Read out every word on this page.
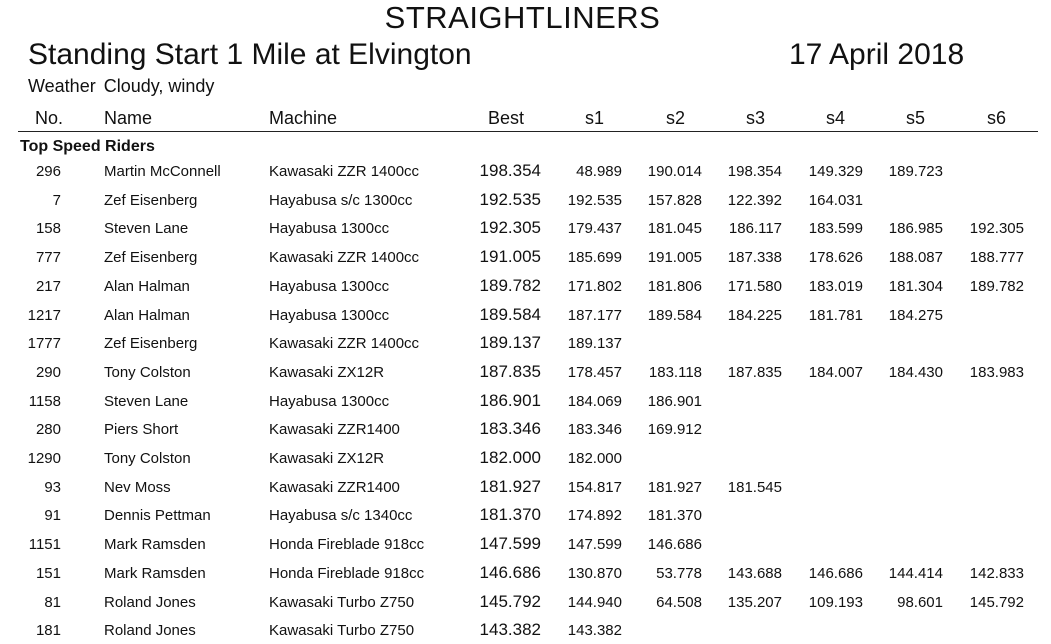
STRAIGHTLINERS
Standing Start 1 Mile at Elvington	17 April 2018
Weather Cloudy, windy
No. Name	Machine	Best	s1	s2	s3	s4	s5	s6
Top Speed Riders
296	Martin McConnell	Kawasaki ZZR 1400cc	198.354 48.989 190.014 198.354 149.329 189.723
7	Zef Eisenberg	Hayabusa s/c 1300cc	192.535 192.535 157.828 122.392 164.031
158	Steven Lane	Hayabusa 1300cc	192.305 179.437 181.045 186.117 183.599 186.985 192.305
777	Zef Eisenberg	Kawasaki ZZR 1400cc	191.005 185.699 191.005 187.338 178.626 188.087 188.777
217	Alan Halman	Hayabusa 1300cc	189.782 171.802 181.806 171.580 183.019 181.304 189.782
1217	Alan Halman	Hayabusa 1300cc	189.584 187.177 189.584 184.225 181.781 184.275
1777	Zef Eisenberg	Kawasaki ZZR 1400cc	189.137 189.137
290	Tony Colston	Kawasaki ZX12R	187.835 178.457 183.118 187.835 184.007 184.430 183.983
1158	Steven Lane	Hayabusa 1300cc	186.901 184.069 186.901
280	Piers Short	Kawasaki ZZR1400	183.346 183.346 169.912
1290	Tony Colston	Kawasaki ZX12R	182.000 182.000
93	Nev Moss	Kawasaki ZZR1400	181.927 154.817 181.927 181.545
91	Dennis Pettman	Hayabusa s/c 1340cc	181.370 174.892 181.370
1151	Mark Ramsden	Honda Fireblade 918cc	147.599 147.599 146.686
151	Mark Ramsden	Honda Fireblade 918cc	146.686 130.870 53.778 143.688 146.686 144.414 142.833
81	Roland Jones	Kawasaki Turbo Z750	145.792 144.940 64.508 135.207 109.193 98.601 145.792
181	Roland Jones	Kawasaki Turbo Z750	143.382 143.382
